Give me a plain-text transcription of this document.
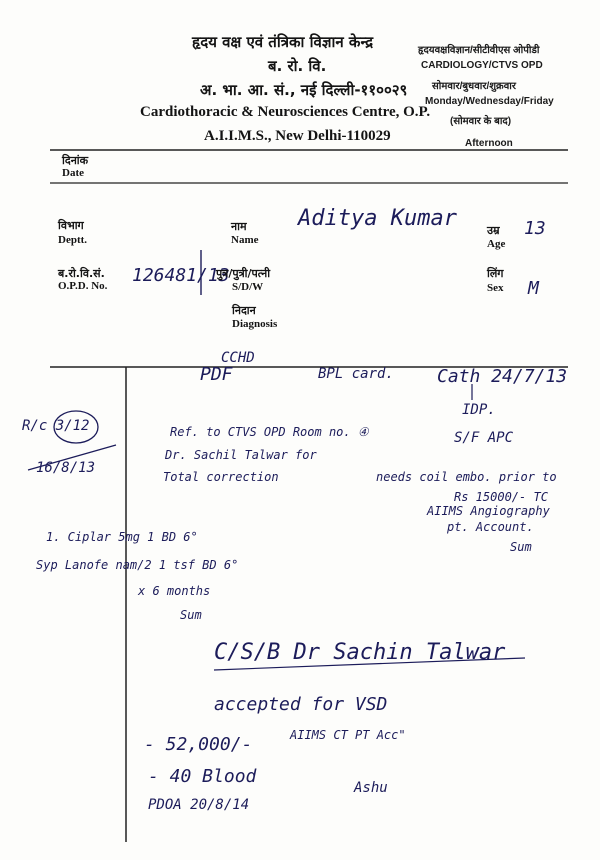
हृदय वक्ष एवं तंत्रिका विज्ञान केन्द्र
ब. रो. वि.
अ. भा. आ. सं., नई दिल्ली-११००२९
Cardiothoracic & Neurosciences Centre, O.P.
(सोमवार के बाद)
A.I.I.M.S., New Delhi-110029
हृदयवक्षविज्ञान/सीटीवीएस ओपीडी
CARDIOLOGY/CTVS OPD
सोमवार/बुधवार/शुक्रवार
Monday/Wednesday/Friday
Afternoon
दिनांक
Date
विभाग
Deptt.
नाम
Name
Aditya Kumar	उम्र
Age
13
ब.रो.वि.सं.
O.P.D. No. 126481/13
पुत्र/पुत्री/पत्नी
S/D/W
लिंग
Sex M
निदान
Diagnosis
CCHD
PDF	BPL card. Cath 24/7/13
IDP.
S/F APC
Ref. to CTVS OPD Room no. ④
Dr. Sachil Talwar for
Total correction	needs coil embo. prior to
Rs 15000/- TC
AIIMS Angiography
pt. Account.
Sum
R/c 3/12
16/8/13
1. Ciplar 5mg 1 BD 6°
Syp Lanofe nam/2 1 tsf BD 6°
x 6 months
Sum
C/S/B Dr Sachin Talwar
accepted for VSD
- 52,000/-	AIIMS CT PT Acc"
- 40 Blood
PDOA 20/8/14
Ashu
